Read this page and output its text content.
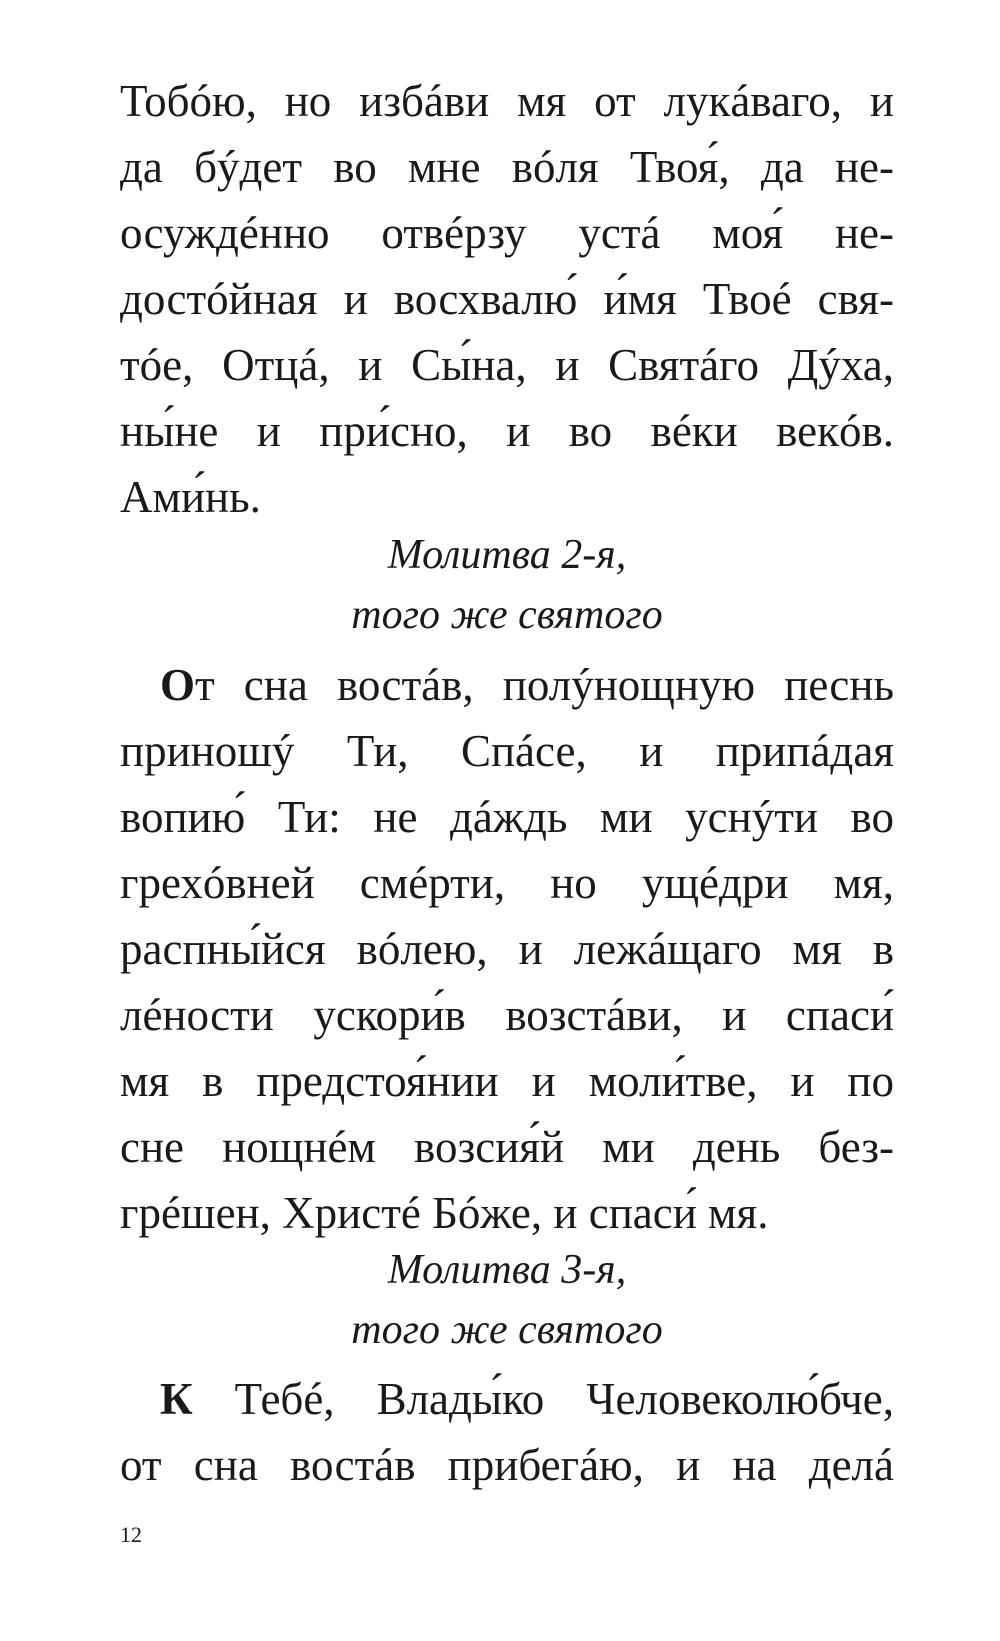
Тобóю, но избáви мя от лукáваго, и
да бýдет во мне вóля Твоя́, да не-
осуждéнно отвéрзу устá моя́ не-
достóйная и восхвалю́ и́мя Твоé свя-
тóе, Отцá, и Сы́на, и Святáго Дýха,
ны́не и при́сно, и во вéки векóв.
Ами́нь.
Молитва 2-я,
того же святого
От сна востáв, полýнощную песнь
приношý Ти, Спáсе, и припáдая
вопию́ Ти: не дáждь ми уснýти во
грехóвней смéрти, но ущéдри мя,
распны́йся вóлею, и лежáщаго мя в
лéности ускори́в возстáви, и спаси́
мя в предстоя́нии и моли́тве, и по
сне нощнéм возсия́й ми день без-
грéшен, Христé Бóже, и спаси́ мя.
Молитва 3-я,
того же святого
К Тебé, Влады́ко Человеколю́бче,
от сна востáв прибегáю, и на делá
12
